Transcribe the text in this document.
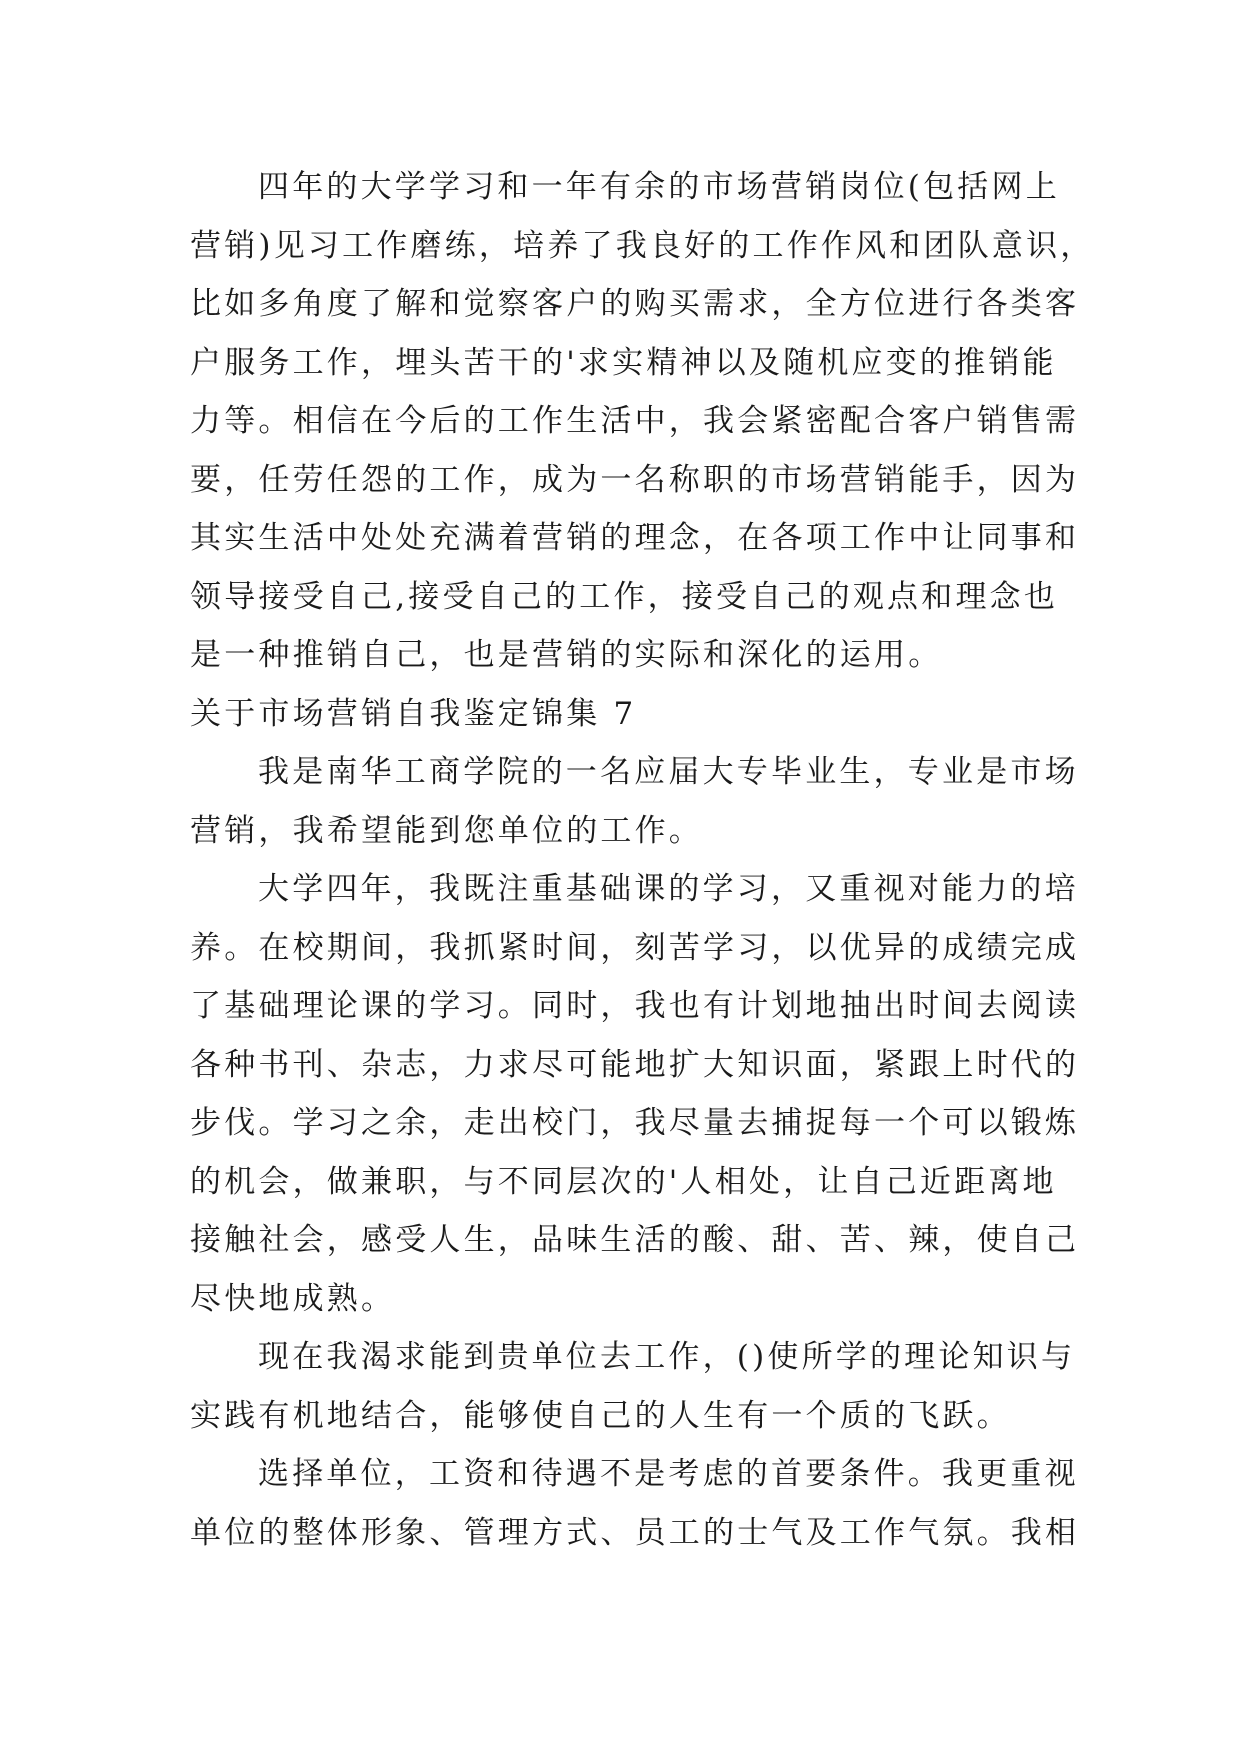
四年的大学学习和一年有余的市场营销岗位(包括网上
营销)见习工作磨练，培养了我良好的工作作风和团队意识，
比如多角度了解和觉察客户的购买需求，全方位进行各类客
户服务工作，埋头苦干的'求实精神以及随机应变的推销能
力等。相信在今后的工作生活中，我会紧密配合客户销售需
要，任劳任怨的工作，成为一名称职的市场营销能手，因为
其实生活中处处充满着营销的理念，在各项工作中让同事和
领导接受自己,接受自己的工作，接受自己的观点和理念也
是一种推销自己，也是营销的实际和深化的运用。
关于市场营销自我鉴定锦集 7
我是南华工商学院的一名应届大专毕业生，专业是市场
营销，我希望能到您单位的工作。
大学四年，我既注重基础课的学习，又重视对能力的培
养。在校期间，我抓紧时间，刻苦学习，以优异的成绩完成
了基础理论课的学习。同时，我也有计划地抽出时间去阅读
各种书刊、杂志，力求尽可能地扩大知识面，紧跟上时代的
步伐。学习之余，走出校门，我尽量去捕捉每一个可以锻炼
的机会，做兼职，与不同层次的'人相处，让自己近距离地
接触社会，感受人生，品味生活的酸、甜、苦、辣，使自己
尽快地成熟。
现在我渴求能到贵单位去工作，()使所学的理论知识与
实践有机地结合，能够使自己的人生有一个质的飞跃。
选择单位，工资和待遇不是考虑的首要条件。我更重视
单位的整体形象、管理方式、员工的士气及工作气氛。我相
